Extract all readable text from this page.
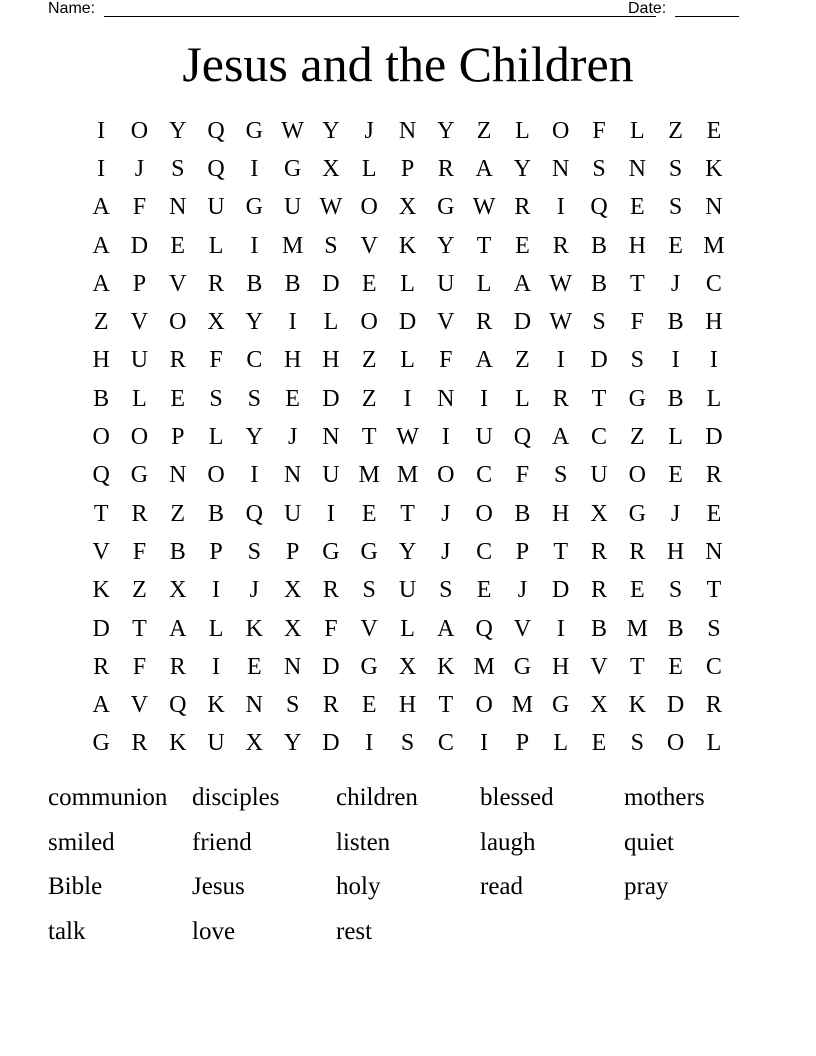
Name:	Date:
Jesus and the Children
I	O Y Q G W Y	J	N Y Z L O F	L Z E
I	J	S Q	I	G X L	P R A Y N S N S K
A F N U G U W O X G W R	I	Q E	S N
A D E L	I M S V K Y T E R B H E M
A P V R B B D E L U L A W B T	J	C
Z V O X Y	I	L O D V R D W S	F B H
H U R F C H H Z L	F A Z	I	D S	I	I
B L E	S	S	E D Z	I	N	I	L R T G B L
O O P	L Y	J	N T W I	U Q A C Z L D
Q G N O	I	N U M M O C F	S U O E R
T R Z B Q U	I	E T	J	O B H X G	J	E
V F B P	S	P G G Y	J	C P	T R R H N
K Z X	I	J	X R S U S	E	J	D R E	S	T
D T A L K X F V L A Q V	I	B M B S
R F R	I	E N D G X K M G H V T E C
A V Q K N S R E H T O M G X K D R
G R K U X Y D	I	S C	I	P	L E	S O L
communion disciples	children	blessed	mothers
smiled	friend	listen	laugh	quiet
Bible	Jesus	holy	read	pray
talk	love	rest
